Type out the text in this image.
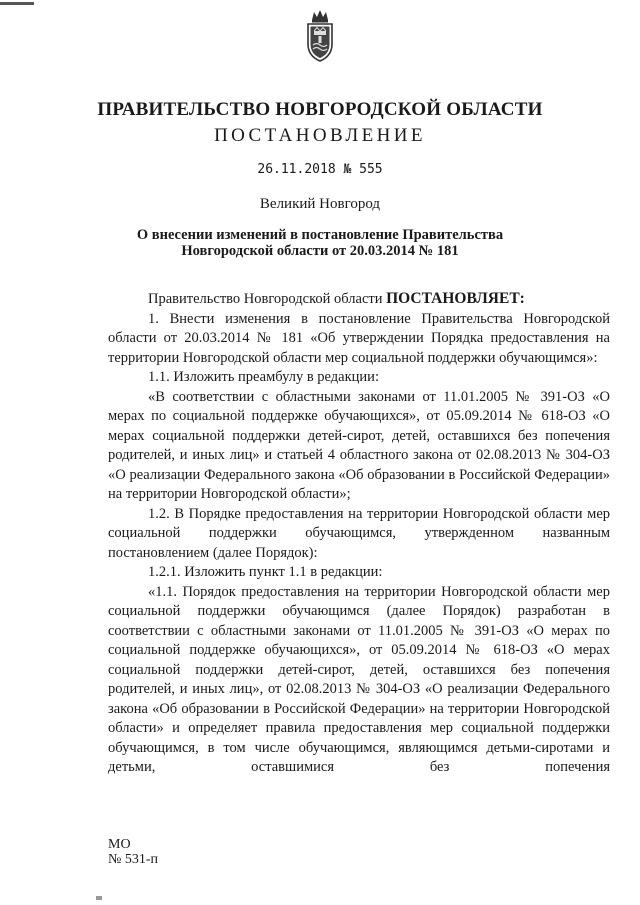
ПРАВИТЕЛЬСТВО НОВГОРОДСКОЙ ОБЛАСТИ
ПОСТАНОВЛЕНИЕ
26.11.2018 № 555
Великий Новгород
О внесении изменений в постановление Правительства
Новгородской области от 20.03.2014 № 181
Правительство Новгородской области ПОСТАНОВЛЯЕТ:
1. Внести изменения в постановление Правительства Новгородской области от 20.03.2014 № 181 «Об утверждении Порядка предоставления на территории Новгородской области мер социальной поддержки обучающимся»:
1.1. Изложить преамбулу в редакции:
«В соответствии с областными законами от 11.01.2005 № 391-ОЗ «О мерах по социальной поддержке обучающихся», от 05.09.2014 № 618-ОЗ «О мерах социальной поддержки детей-сирот, детей, оставшихся без попечения родителей, и иных лиц» и статьей 4 областного закона от 02.08.2013 № 304-ОЗ «О реализации Федерального закона «Об образовании в Российской Федерации» на территории Новгородской области»;
1.2. В Порядке предоставления на территории Новгородской области мер социальной поддержки обучающимся, утвержденном названным постановлением (далее Порядок):
1.2.1. Изложить пункт 1.1 в редакции:
«1.1. Порядок предоставления на территории Новгородской области мер социальной поддержки обучающимся (далее Порядок) разработан в соответствии с областными законами от 11.01.2005 № 391-ОЗ «О мерах по социальной поддержке обучающихся», от 05.09.2014 № 618-ОЗ «О мерах социальной поддержки детей-сирот, детей, оставшихся без попечения родителей, и иных лиц», от 02.08.2013 № 304-ОЗ «О реализации Федерального закона «Об образовании в Российской Федерации» на территории Новгородской области» и определяет правила предоставления мер социальной поддержки обучающимся, в том числе обучающимся, являющимся детьми-сиротами и детьми, оставшимися без попечения
МО
№ 531-п
